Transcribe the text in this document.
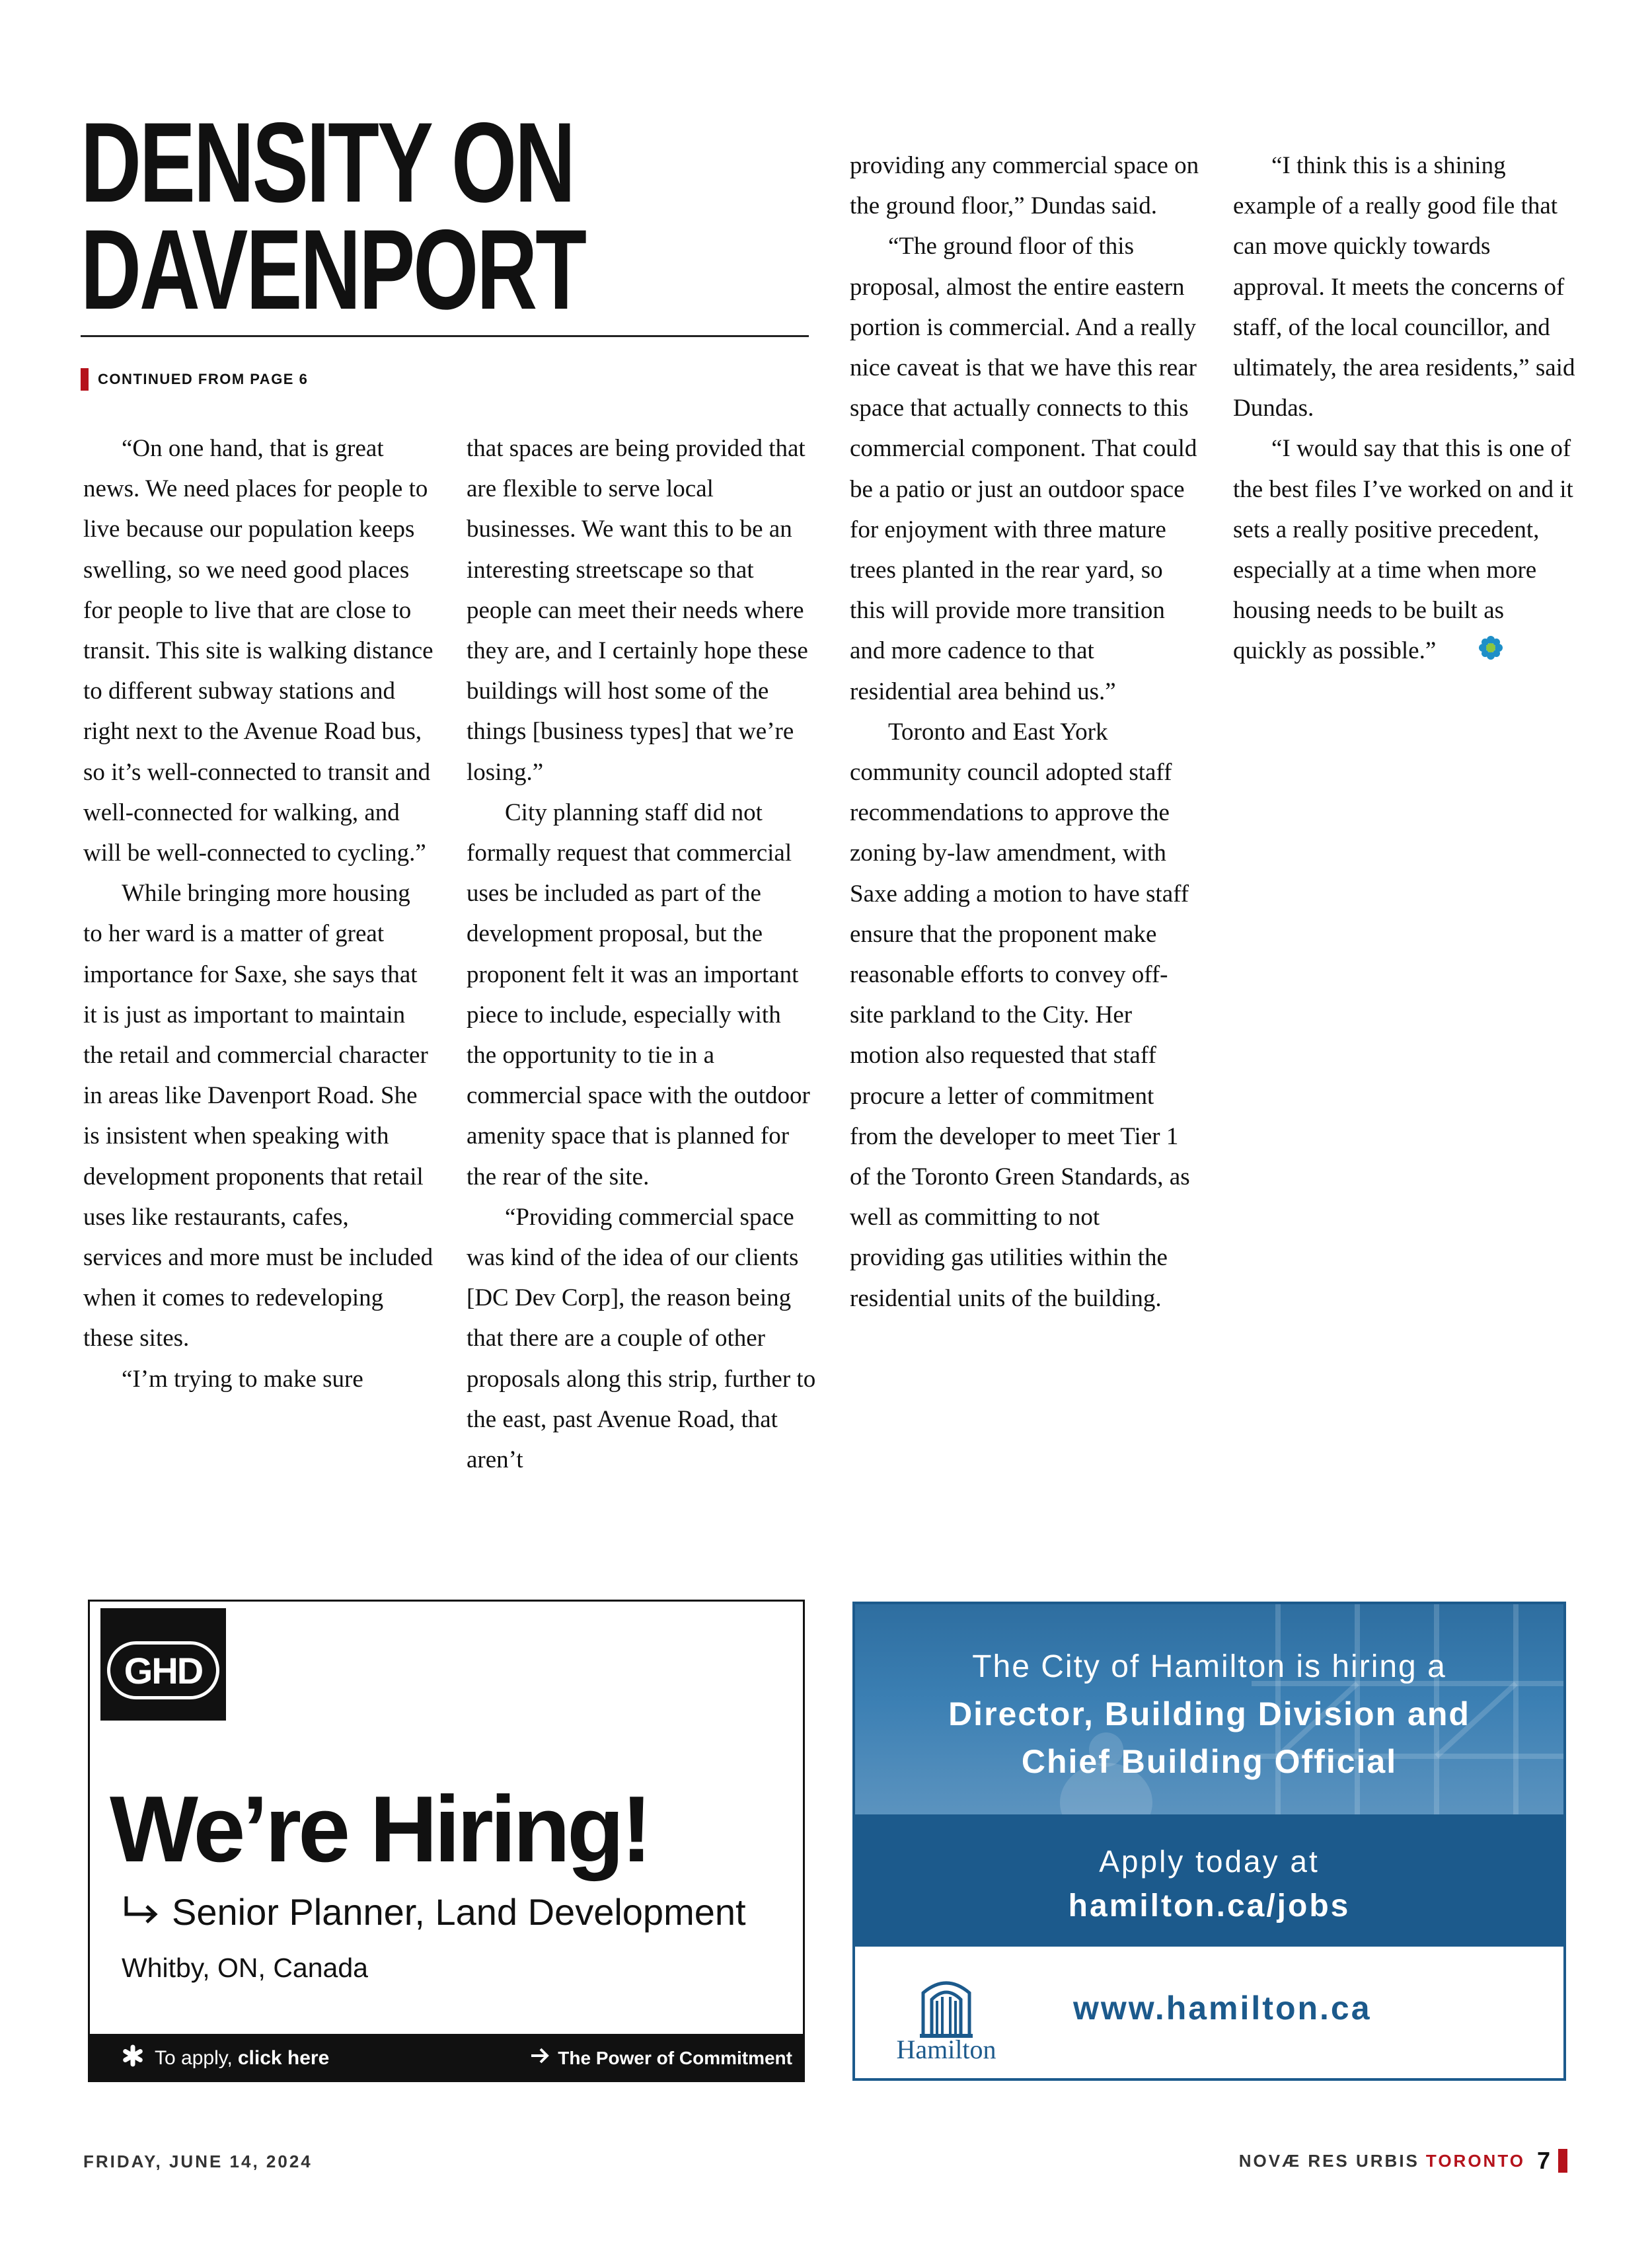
DENSITY ON
DAVENPORT
CONTINUED FROM PAGE 6

“On one hand, that is great news. We need places for people to live because our population keeps swelling, so we need good places for people to live that are close to transit. This site is walking distance to different subway stations and right next to the Avenue Road bus, so it’s well-connected to transit and well-connected for walking, and will be well-connected to cycling.”

While bringing more housing to her ward is a matter of great importance for Saxe, she says that it is just as important to maintain the retail and commercial character in areas like Davenport Road. She is insistent when speaking with development proponents that retail uses like restaurants, cafes, services and more must be included when it comes to redeveloping these sites.

“I’m trying to make sure

that spaces are being provided that are flexible to serve local businesses. We want this to be an interesting streetscape so that people can meet their needs where they are, and I certainly hope these buildings will host some of the things [business types] that we’re losing.”

City planning staff did not formally request that commercial uses be included as part of the development proposal, but the proponent felt it was an important piece to include, especially with the opportunity to tie in a commercial space with the outdoor amenity space that is planned for the rear of the site.

“Providing commercial space was kind of the idea of our clients [DC Dev Corp], the reason being that there are a couple of other proposals along this strip, further to the east, past Avenue Road, that aren’t

providing any commercial space on the ground floor,” Dundas said.

“The ground floor of this proposal, almost the entire eastern portion is commercial. And a really nice caveat is that we have this rear space that actually connects to this commercial component. That could be a patio or just an outdoor space for enjoyment with three mature trees planted in the rear yard, so this will provide more transition and more cadence to that residential area behind us.”

Toronto and East York community council adopted staff recommendations to approve the zoning by-law amendment, with Saxe adding a motion to have staff ensure that the proponent make reasonable efforts to convey off-site parkland to the City. Her motion also requested that staff procure a letter of commitment from the developer to meet Tier 1 of the Toronto Green Standards, as well as committing to not providing gas utilities within the residential units of the building.

“I think this is a shining example of a really good file that can move quickly towards approval. It meets the concerns of staff, of the local councillor, and ultimately, the area residents,” said Dundas.

“I would say that this is one of the best files I’ve worked on and it sets a really positive precedent, especially at a time when more housing needs to be built as quickly as possible.”

GHD
We’re Hiring!
Senior Planner, Land Development
Whitby, ON, Canada
To apply, click here	The Power of Commitment
The City of Hamilton is hiring a
Director, Building Division and
Chief Building Official
Apply today at
hamilton.ca/jobs
Hamilton
www.hamilton.ca
FRIDAY, JUNE 14, 2024	NOVÆ RES URBIS TORONTO 7
